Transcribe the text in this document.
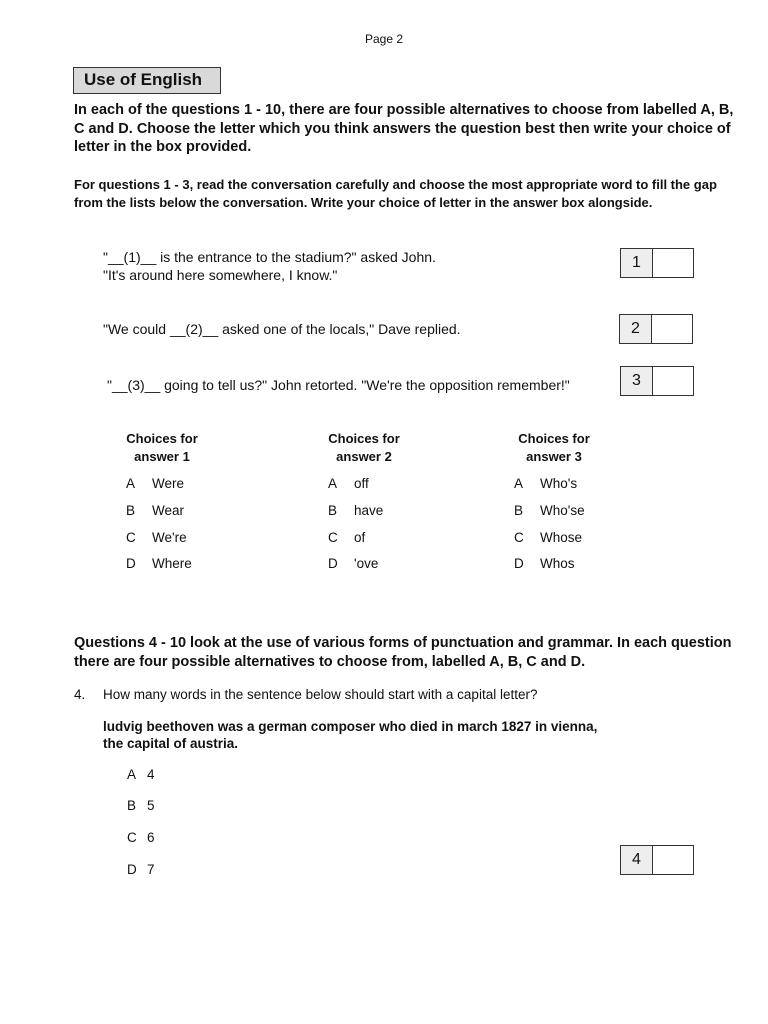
Page 2
Use of English
In each of the questions 1 - 10, there are four possible alternatives to choose from labelled A, B, C and D. Choose the letter which you think answers the question best then write your choice of letter in the box provided.
For questions 1 - 3, read the conversation carefully and choose the most appropriate word to fill the gap from the lists below the conversation. Write your choice of letter in the answer box alongside.
"__(1)__ is the entrance to the stadium?" asked John.
"It's around here somewhere, I know."
1
"We could __(2)__ asked one of the locals," Dave replied.	2
"__(3)__ going to tell us?" John retorted. "We're the opposition remember!"	3
Choices for
answer 1
A Were
B Wear
C We're
D Where
Choices for
answer 2
A off
B have
C of
D 'ove
Choices for
answer 3
A Who's
B Who'se
C Whose
D Whos
Questions 4 - 10 look at the use of various forms of punctuation and grammar. In each question there are four possible alternatives to choose from, labelled A, B, C and D.
4. How many words in the sentence below should start with a capital letter?
ludvig beethoven was a german composer who died in march 1827 in vienna,
the capital of austria.
A 4
B 5
C 6
D 7
4
